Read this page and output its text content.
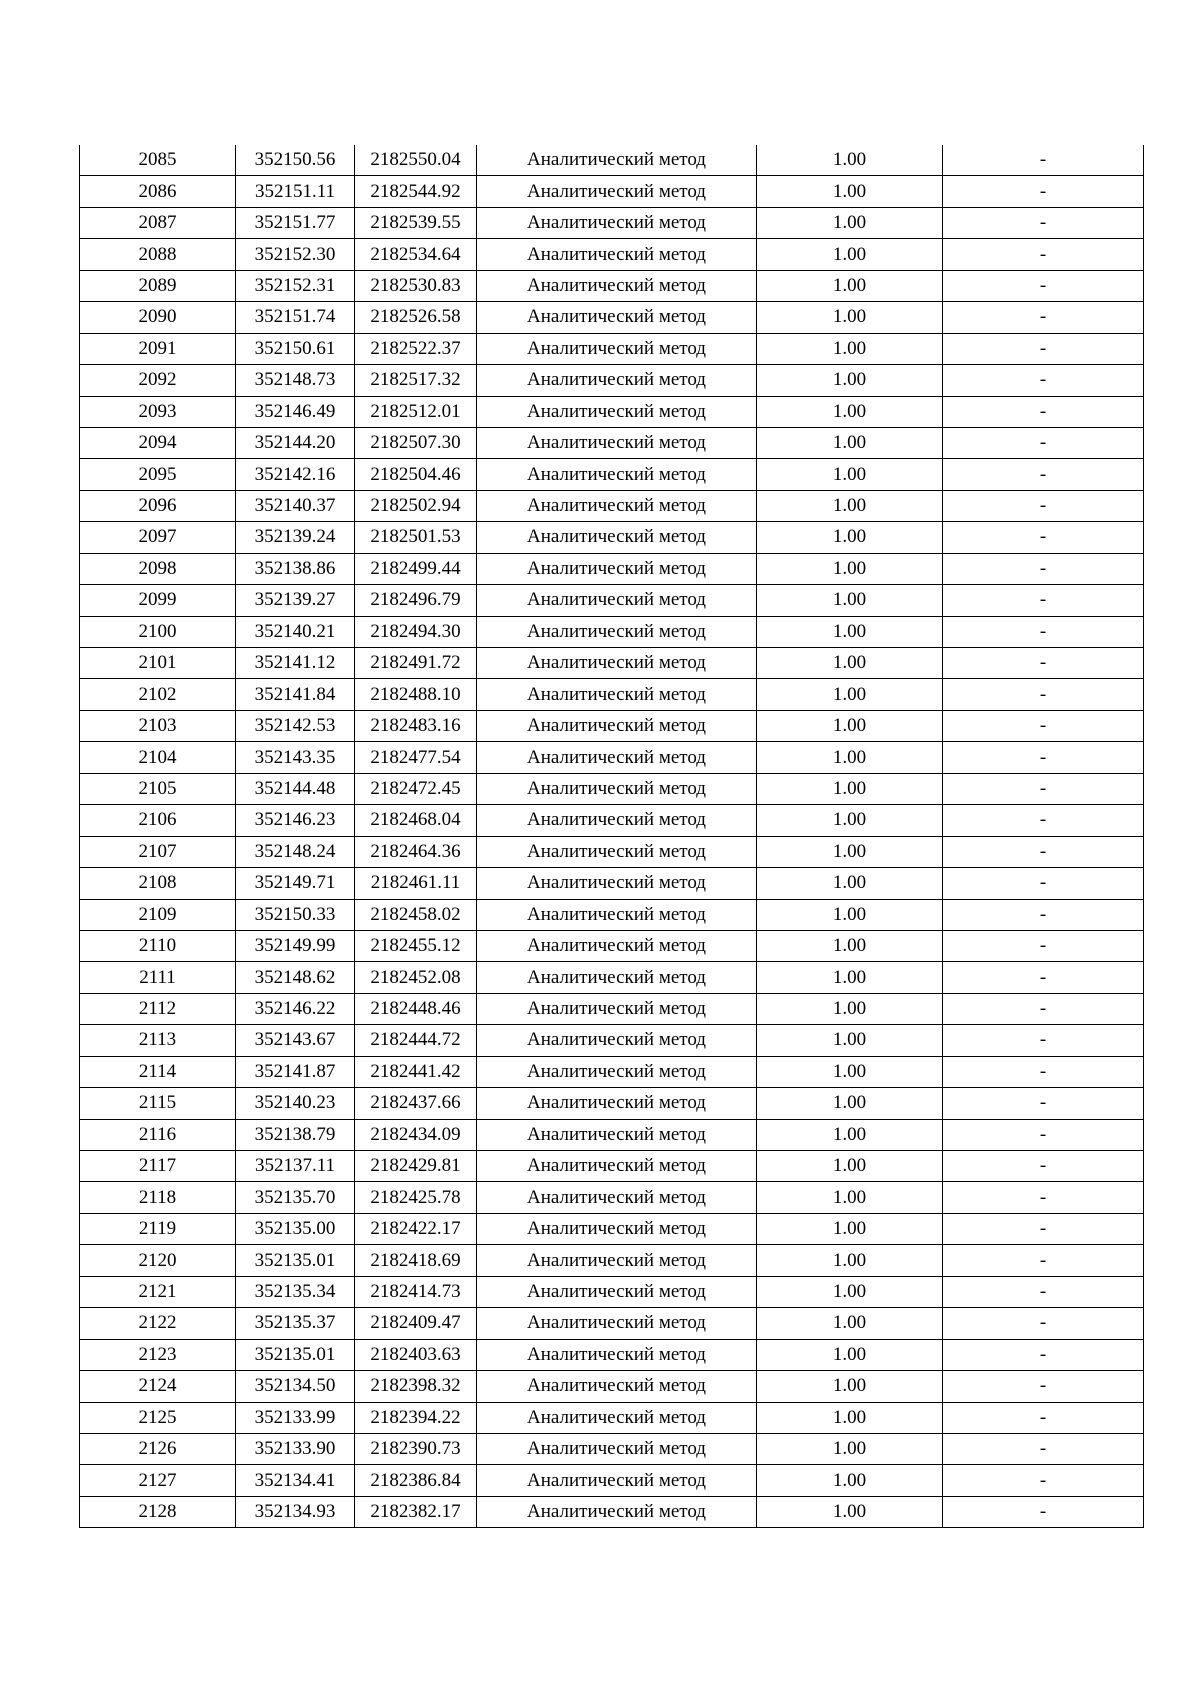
2085	352150.56	2182550.04	Аналитический метод	1.00	-
2086	352151.11	2182544.92	Аналитический метод	1.00	-
2087	352151.77	2182539.55	Аналитический метод	1.00	-
2088	352152.30	2182534.64	Аналитический метод	1.00	-
2089	352152.31	2182530.83	Аналитический метод	1.00	-
2090	352151.74	2182526.58	Аналитический метод	1.00	-
2091	352150.61	2182522.37	Аналитический метод	1.00	-
2092	352148.73	2182517.32	Аналитический метод	1.00	-
2093	352146.49	2182512.01	Аналитический метод	1.00	-
2094	352144.20	2182507.30	Аналитический метод	1.00	-
2095	352142.16	2182504.46	Аналитический метод	1.00	-
2096	352140.37	2182502.94	Аналитический метод	1.00	-
2097	352139.24	2182501.53	Аналитический метод	1.00	-
2098	352138.86	2182499.44	Аналитический метод	1.00	-
2099	352139.27	2182496.79	Аналитический метод	1.00	-
2100	352140.21	2182494.30	Аналитический метод	1.00	-
2101	352141.12	2182491.72	Аналитический метод	1.00	-
2102	352141.84	2182488.10	Аналитический метод	1.00	-
2103	352142.53	2182483.16	Аналитический метод	1.00	-
2104	352143.35	2182477.54	Аналитический метод	1.00	-
2105	352144.48	2182472.45	Аналитический метод	1.00	-
2106	352146.23	2182468.04	Аналитический метод	1.00	-
2107	352148.24	2182464.36	Аналитический метод	1.00	-
2108	352149.71	2182461.11	Аналитический метод	1.00	-
2109	352150.33	2182458.02	Аналитический метод	1.00	-
2110	352149.99	2182455.12	Аналитический метод	1.00	-
2111	352148.62	2182452.08	Аналитический метод	1.00	-
2112	352146.22	2182448.46	Аналитический метод	1.00	-
2113	352143.67	2182444.72	Аналитический метод	1.00	-
2114	352141.87	2182441.42	Аналитический метод	1.00	-
2115	352140.23	2182437.66	Аналитический метод	1.00	-
2116	352138.79	2182434.09	Аналитический метод	1.00	-
2117	352137.11	2182429.81	Аналитический метод	1.00	-
2118	352135.70	2182425.78	Аналитический метод	1.00	-
2119	352135.00	2182422.17	Аналитический метод	1.00	-
2120	352135.01	2182418.69	Аналитический метод	1.00	-
2121	352135.34	2182414.73	Аналитический метод	1.00	-
2122	352135.37	2182409.47	Аналитический метод	1.00	-
2123	352135.01	2182403.63	Аналитический метод	1.00	-
2124	352134.50	2182398.32	Аналитический метод	1.00	-
2125	352133.99	2182394.22	Аналитический метод	1.00	-
2126	352133.90	2182390.73	Аналитический метод	1.00	-
2127	352134.41	2182386.84	Аналитический метод	1.00	-
2128	352134.93	2182382.17	Аналитический метод	1.00	-
